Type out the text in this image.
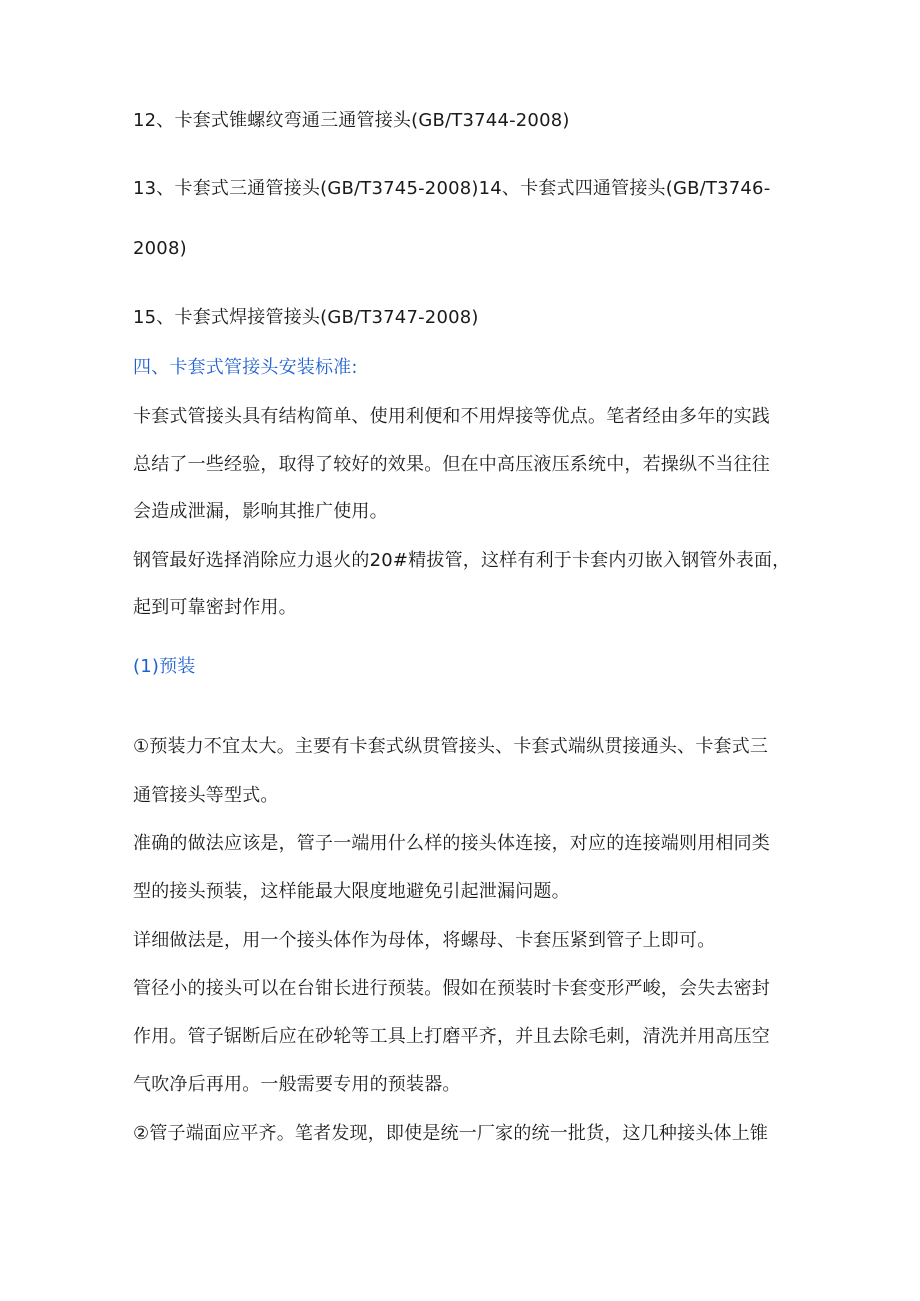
12、卡套式锥螺纹弯通三通管接头(GB/T3744-2008)
13、卡套式三通管接头(GB/T3745-2008)14、卡套式四通管接头(GB/T3746-
2008)
15、卡套式焊接管接头(GB/T3747-2008)
四、卡套式管接头安装标准:
卡套式管接头具有结构简单、使用利便和不用焊接等优点。笔者经由多年的实践
总结了一些经验，取得了较好的效果。但在中高压液压系统中，若操纵不当往往
会造成泄漏，影响其推广使用。
钢管最好选择消除应力退火的20#精拔管，这样有利于卡套内刃嵌入钢管外表面，
起到可靠密封作用。
(1)预装
①预装力不宜太大。主要有卡套式纵贯管接头、卡套式端纵贯接通头、卡套式三
通管接头等型式。
准确的做法应该是，管子一端用什么样的接头体连接，对应的连接端则用相同类
型的接头预装，这样能最大限度地避免引起泄漏问题。
详细做法是，用一个接头体作为母体，将螺母、卡套压紧到管子上即可。
管径小的接头可以在台钳长进行预装。假如在预装时卡套变形严峻，会失去密封
作用。管子锯断后应在砂轮等工具上打磨平齐，并且去除毛刺，清洗并用高压空
气吹净后再用。一般需要专用的预装器。
②管子端面应平齐。笔者发现，即使是统一厂家的统一批货，这几种接头体上锥
